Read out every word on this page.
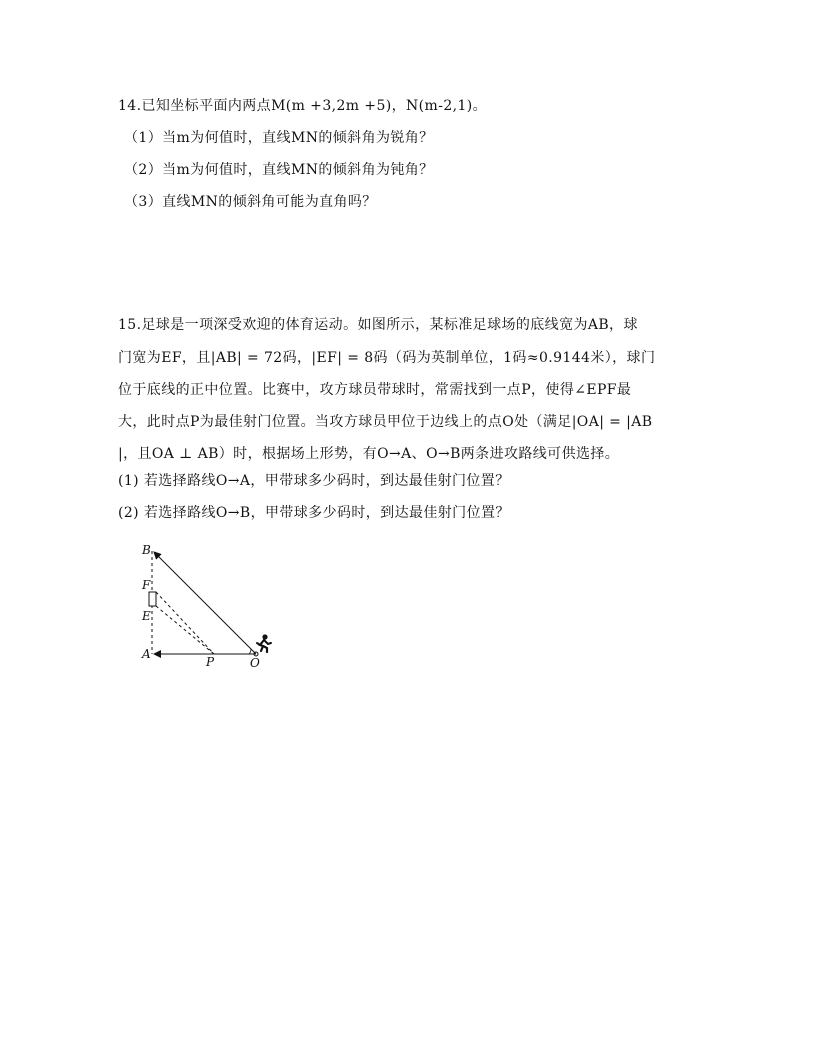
14.已知坐标平面内两点M(m +3,2m +5)，N(m-2,1)。
（1）当m为何值时，直线MN的倾斜角为锐角？
（2）当m为何值时，直线MN的倾斜角为钝角？
（3）直线MN的倾斜角可能为直角吗？
15.足球是一项深受欢迎的体育运动。如图所示，某标准足球场的底线宽为AB，球
门宽为EF，且|AB| = 72码，|EF| = 8码（码为英制单位，1码≈0.9144米），球门
位于底线的正中位置。比赛中，攻方球员带球时，常需找到一点P，使得∠EPF最
大，此时点P为最佳射门位置。当攻方球员甲位于边线上的点O处（满足|OA| = |AB
|，且OA ⊥ AB）时，根据场上形势，有O→A、O→B两条进攻路线可供选择。
(1) 若选择路线O→A，甲带球多少码时，到达最佳射门位置？
(2) 若选择路线O→B，甲带球多少码时，到达最佳射门位置？
B
F
E
A
P	O
